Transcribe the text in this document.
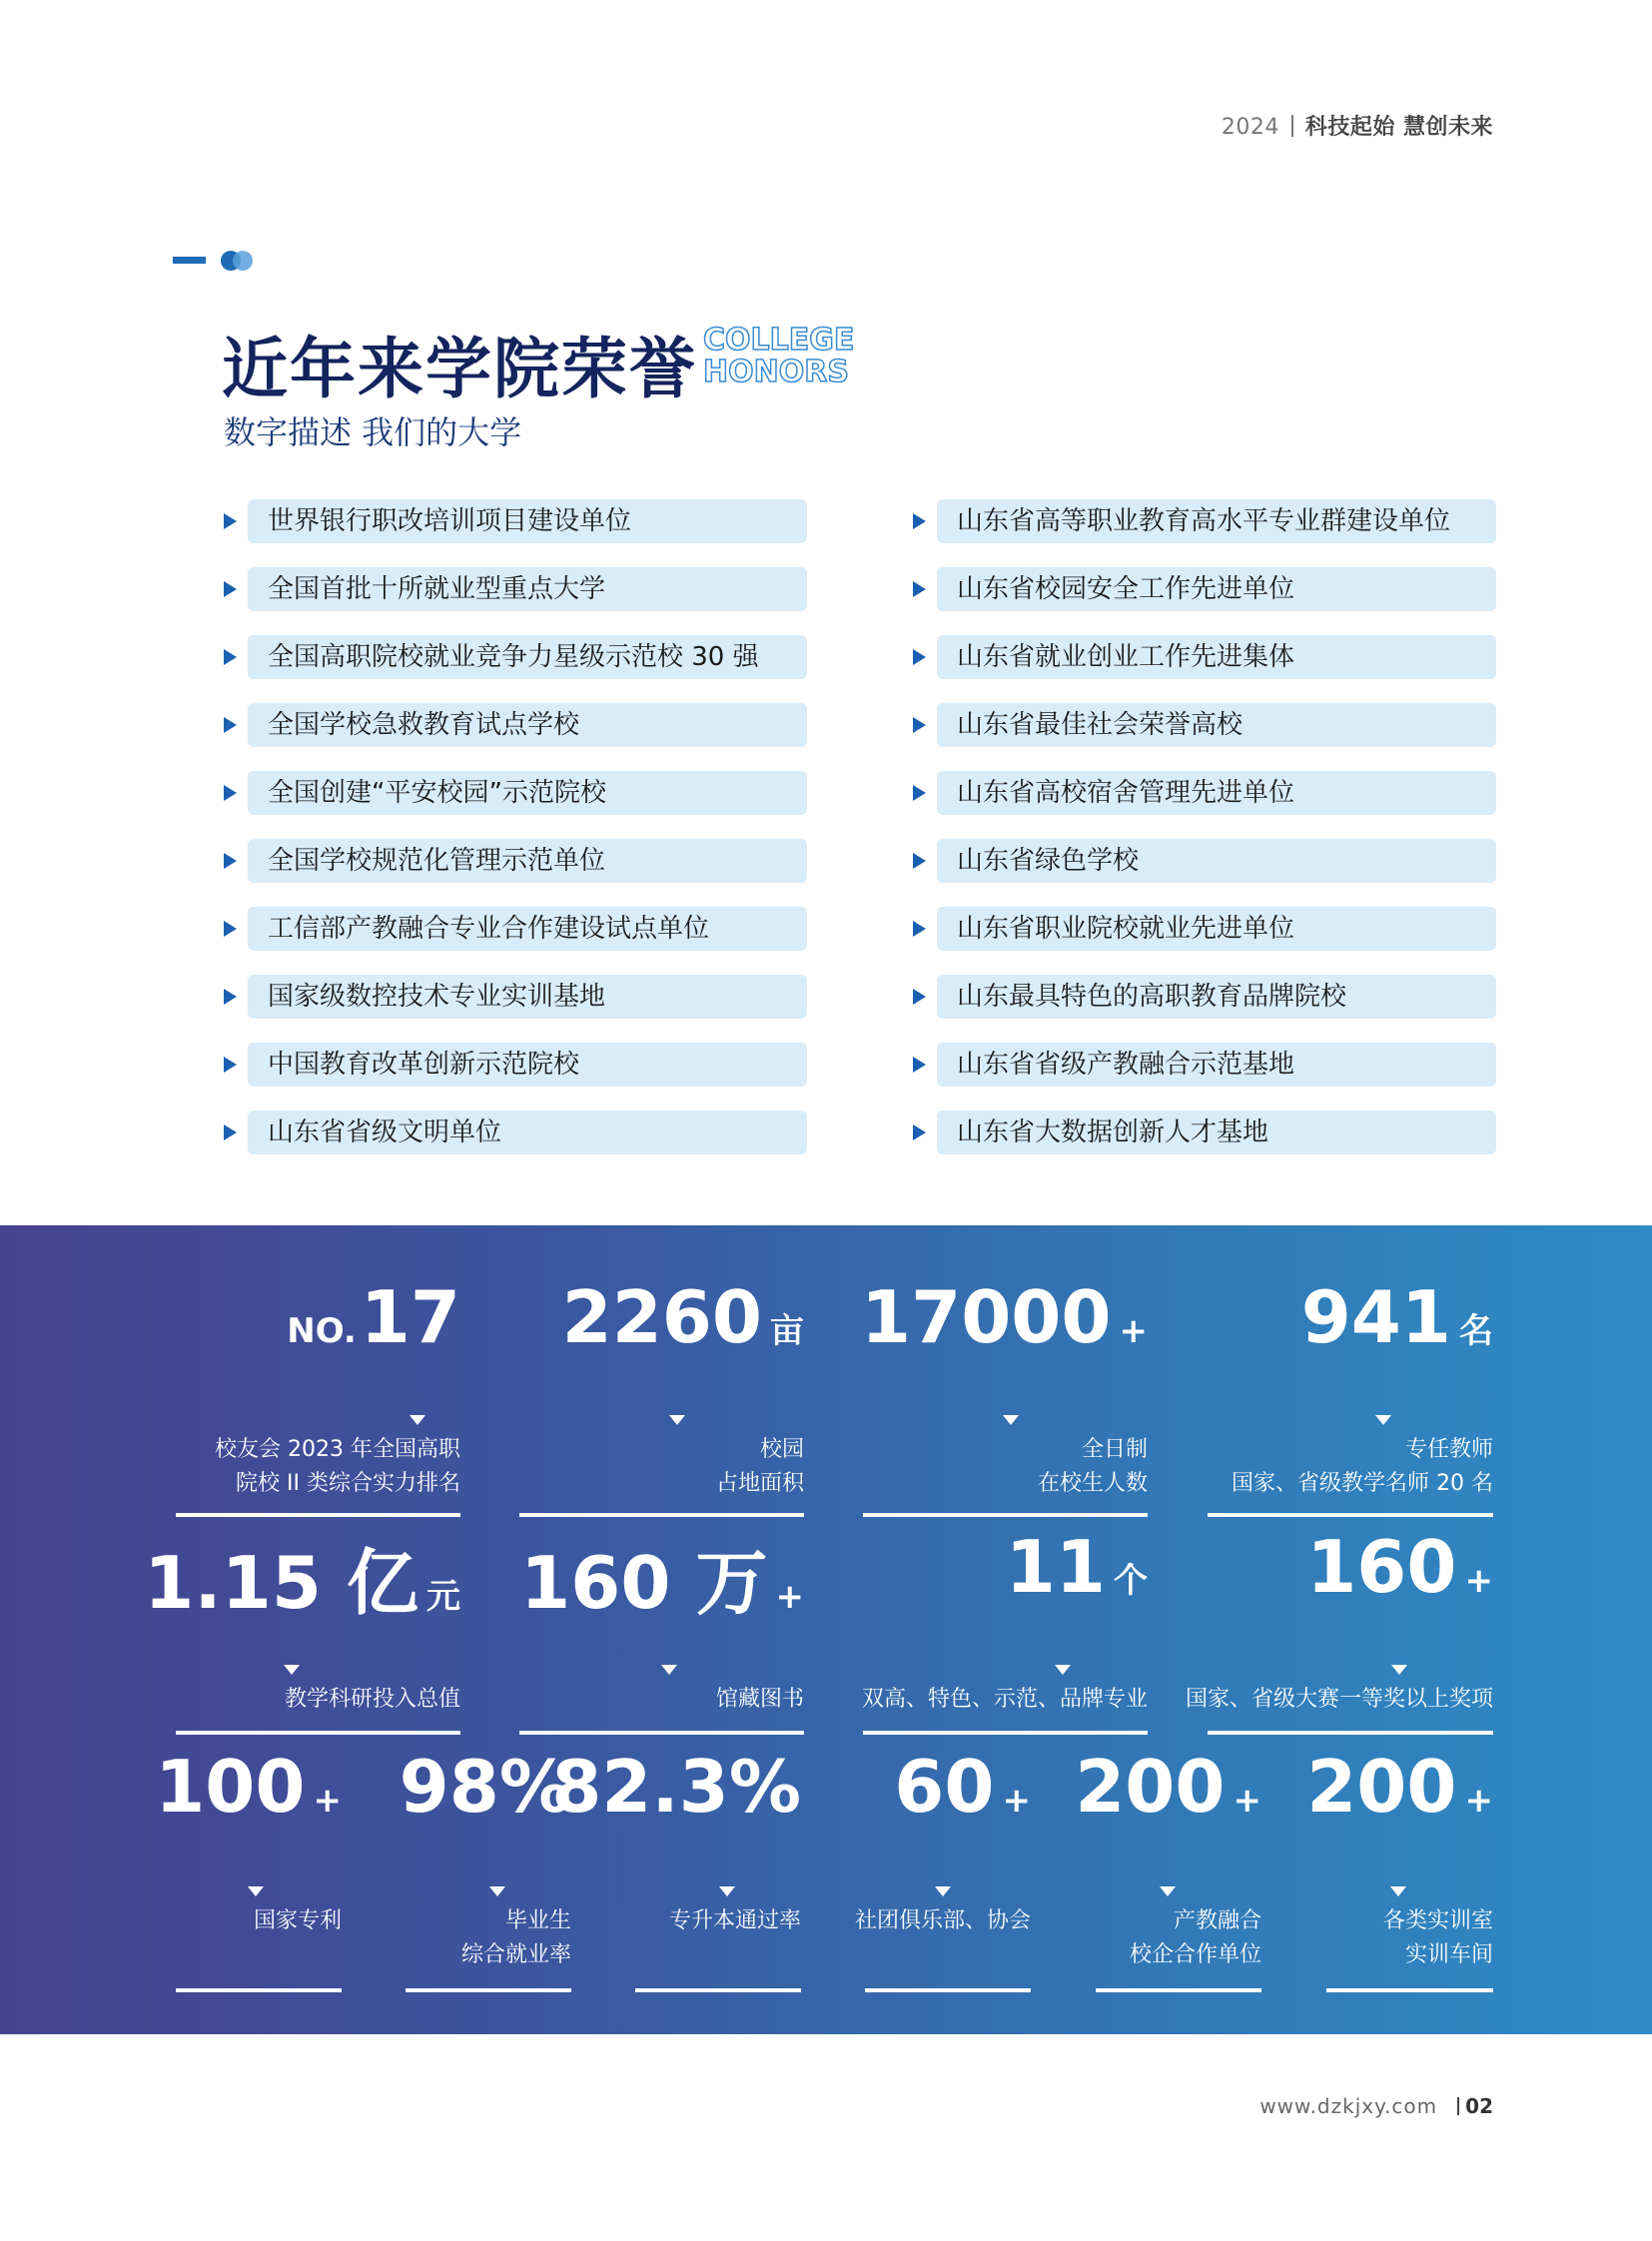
2024 科技起始 慧创未来
近年来学院荣誉 COLLEGE
HONORS
数字描述 我们的大学
世界银行职改培训项目建设单位
全国首批十所就业型重点大学
全国高职院校就业竞争力星级示范校 30 强
全国学校急救教育试点学校
全国创建“平安校园”示范院校
全国学校规范化管理示范单位
工信部产教融合专业合作建设试点单位
国家级数控技术专业实训基地
中国教育改革创新示范院校
山东省省级文明单位
山东省高等职业教育高水平专业群建设单位
山东省校园安全工作先进单位
山东省就业创业工作先进集体
山东省最佳社会荣誉高校
山东省高校宿舍管理先进单位
山东省绿色学校
山东省职业院校就业先进单位
山东最具特色的高职教育品牌院校
山东省省级产教融合示范基地
山东省大数据创新人才基地
NO.17
校友会 2023 年全国高职
院校 II 类综合实力排名
2260 亩
校园
占地面积
17000 +
全日制
在校生人数
941 名
专任教师
国家、省级教学名师 20 名
1.15 亿 元
教学科研投入总值
160 万 +
馆藏图书
11 个
双高、特色、示范、品牌专业
160 +
国家、省级大赛一等奖以上奖项
100 +
国家专利
98%
毕业生
综合就业率
82.3%
专升本通过率
60 +
社团俱乐部、协会
200 +
产教融合
校企合作单位
200 +
各类实训室
实训车间
www.dzkjxy.com 02
